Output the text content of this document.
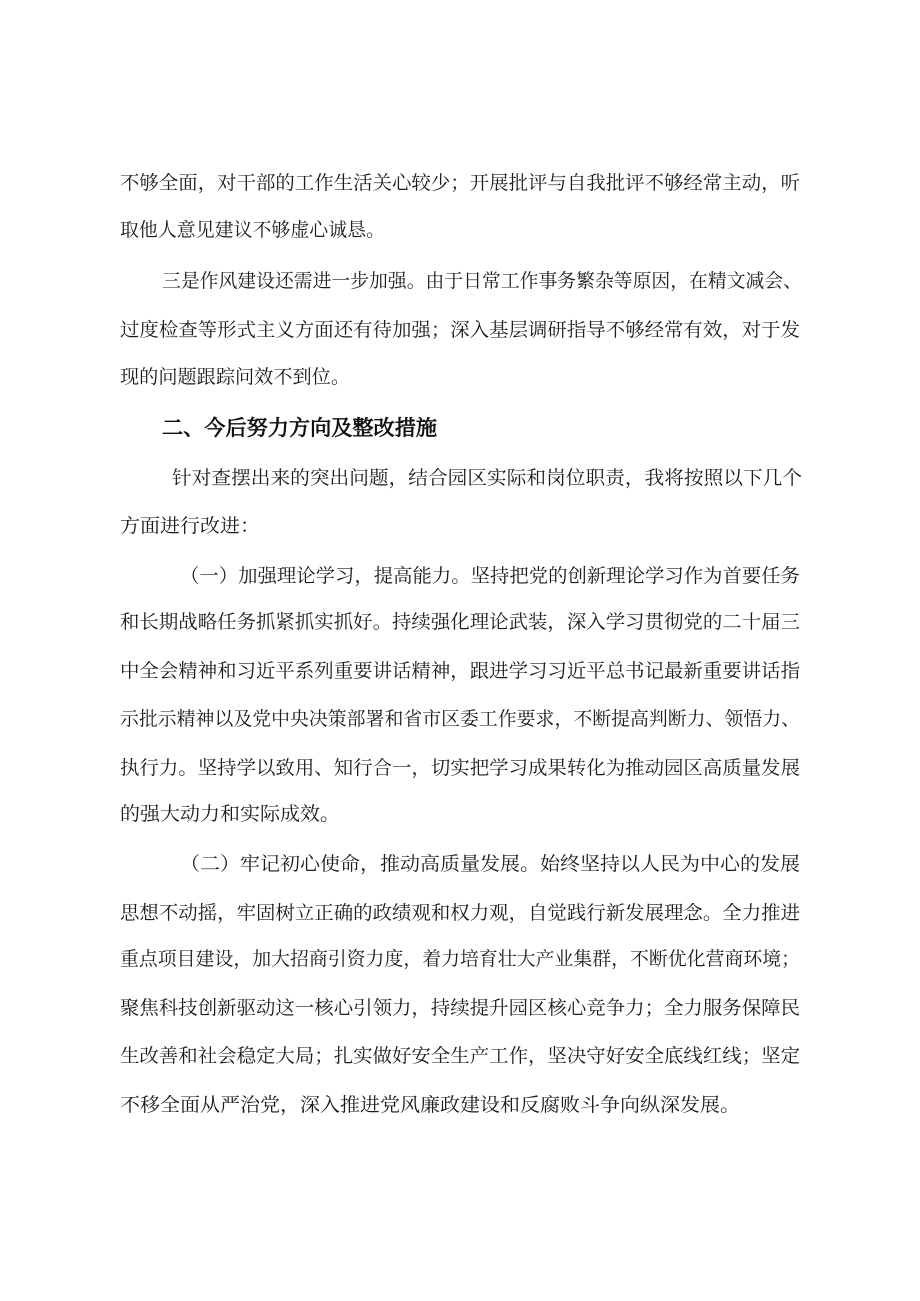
不够全面，对干部的工作生活关心较少；开展批评与自我批评不够经常主动，听
取他人意见建议不够虚心诚恳。
三是作风建设还需进一步加强。由于日常工作事务繁杂等原因，在精文减会、
过度检查等形式主义方面还有待加强；深入基层调研指导不够经常有效，对于发
现的问题跟踪问效不到位。
二、今后努力方向及整改措施
针对查摆出来的突出问题，结合园区实际和岗位职责，我将按照以下几个
方面进行改进：
（一）加强理论学习，提高能力。坚持把党的创新理论学习作为首要任务
和长期战略任务抓紧抓实抓好。持续强化理论武装，深入学习贯彻党的二十届三
中全会精神和习近平系列重要讲话精神，跟进学习习近平总书记最新重要讲话指
示批示精神以及党中央决策部署和省市区委工作要求，不断提高判断力、领悟力、
执行力。坚持学以致用、知行合一，切实把学习成果转化为推动园区高质量发展
的强大动力和实际成效。
（二）牢记初心使命，推动高质量发展。始终坚持以人民为中心的发展
思想不动摇，牢固树立正确的政绩观和权力观，自觉践行新发展理念。全力推进
重点项目建设，加大招商引资力度，着力培育壮大产业集群，不断优化营商环境；
聚焦科技创新驱动这一核心引领力，持续提升园区核心竞争力；全力服务保障民
生改善和社会稳定大局；扎实做好安全生产工作，坚决守好安全底线红线；坚定
不移全面从严治党，深入推进党风廉政建设和反腐败斗争向纵深发展。
